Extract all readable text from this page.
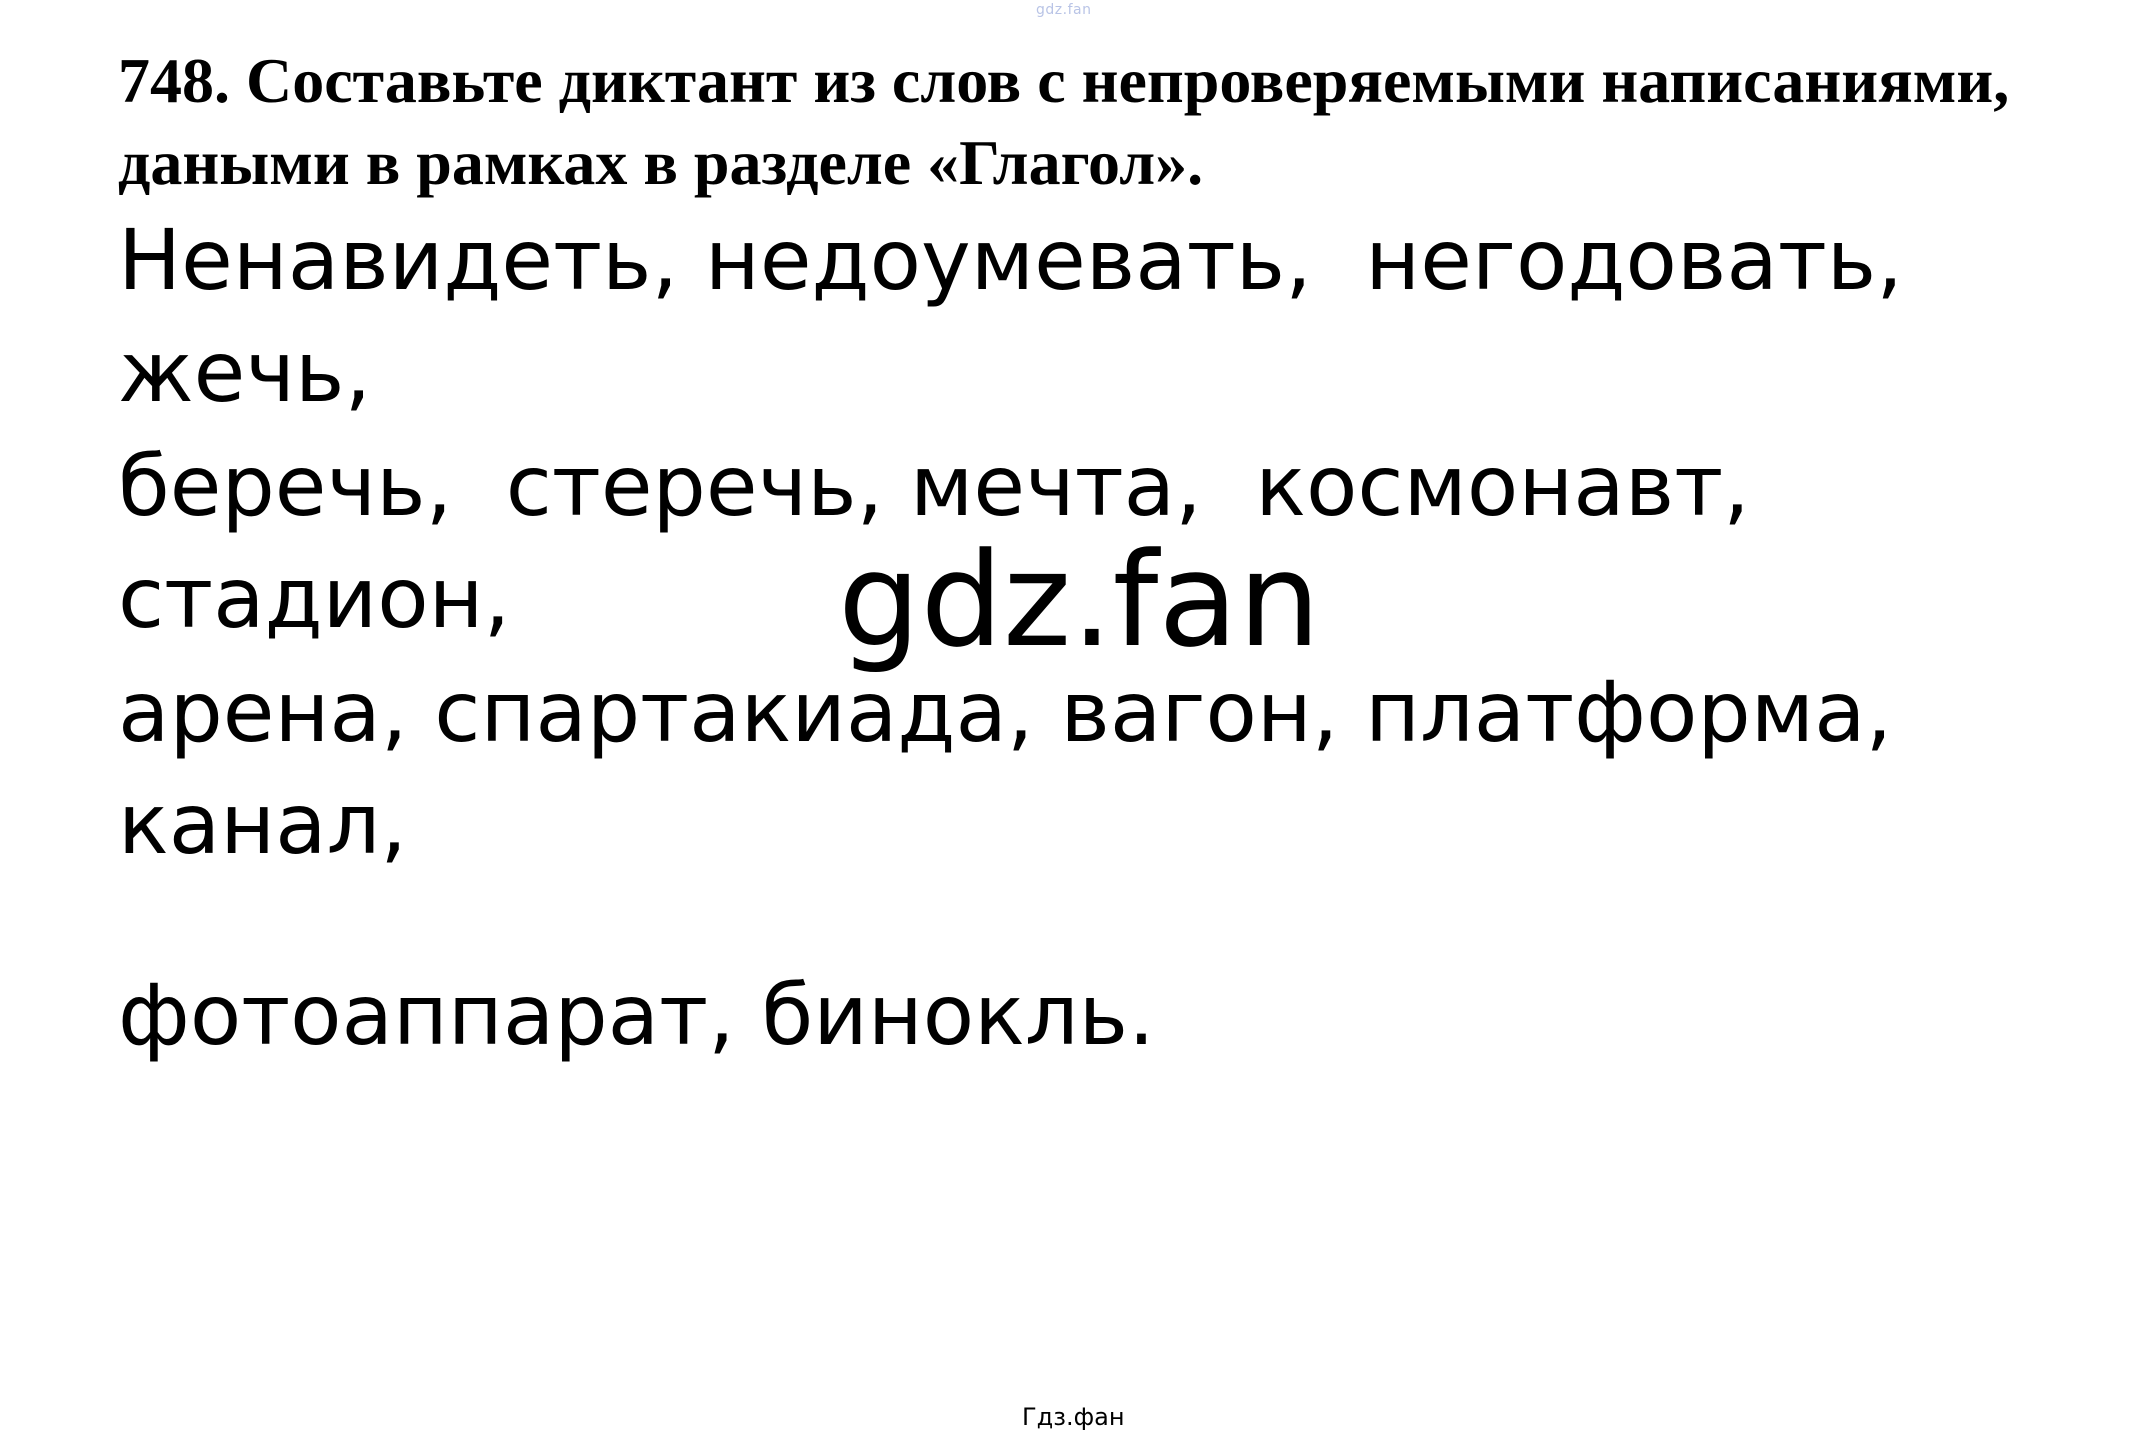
gdz.fan

748. Составьте диктант из слов с непроверяемыми написаниями, даными в рамках в разделе «Глагол».

Ненавидеть, недоумевать,  негодовать,

жечь,

беречь,  стеречь, мечта,  космонавт,

стадион,

арена, спартакиада, вагон, платформа,

канал,

фотоаппарат, бинокль.

gdz.fan
Гдз.фан
